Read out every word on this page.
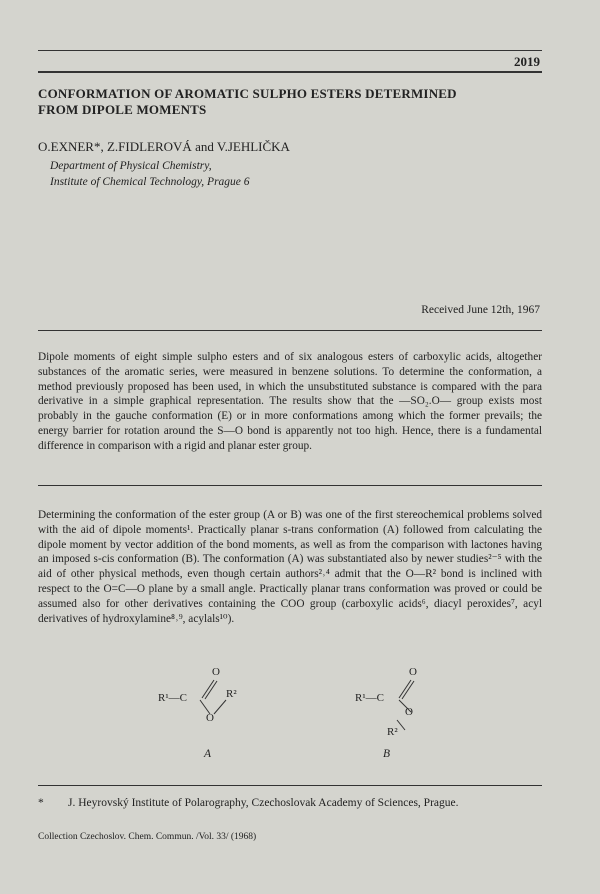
2019
CONFORMATION OF AROMATIC SULPHO ESTERS DETERMINED
FROM DIPOLE MOMENTS
O.EXNER*, Z.FIDLEROVÁ and V.JEHLIČKA
Department of Physical Chemistry,
Institute of Chemical Technology, Prague 6
Received June 12th, 1967
Dipole moments of eight simple sulpho esters and of six analogous esters of carboxylic acids, altogether substances of the aromatic series, were measured in benzene solutions. To determine the conformation, a method previously proposed has been used, in which the unsubstituted substance is compared with the para derivative in a simple graphical representation. The results show that the —SO₂.O— group exists most probably in the gauche conformation (E) or in more conformations among which the former prevails; the energy barrier for rotation around the S—O bond is apparently not too high. Hence, there is a fundamental difference in comparison with a rigid and planar ester group.
Determining the conformation of the ester group (A or B) was one of the first stereochemical problems solved with the aid of dipole moments¹. Practically planar s-trans conformation (A) followed from calculating the dipole moment by vector addition of the bond moments, as well as from the comparison with lactones having an imposed s-cis conformation (B). The conformation (A) was substantiated also by newer studies²⁻⁵ with the aid of other physical methods, even though certain authors²˒⁴ admit that the O—R² bond is inclined with respect to the O=C—O plane by a small angle. Practically planar trans conformation was proved or could be assumed also for other derivatives containing the COO group (carboxylic acids⁶, diacyl peroxides⁷, acyl derivatives of hydroxylamine⁸˒⁹, acylals¹⁰).
O
R¹—C	R²
O
A
O
R¹—C
O
R²
B
* J. Heyrovský Institute of Polarography, Czechoslovak Academy of Sciences, Prague.
Collection Czechoslov. Chem. Commun. /Vol. 33/ (1968)
